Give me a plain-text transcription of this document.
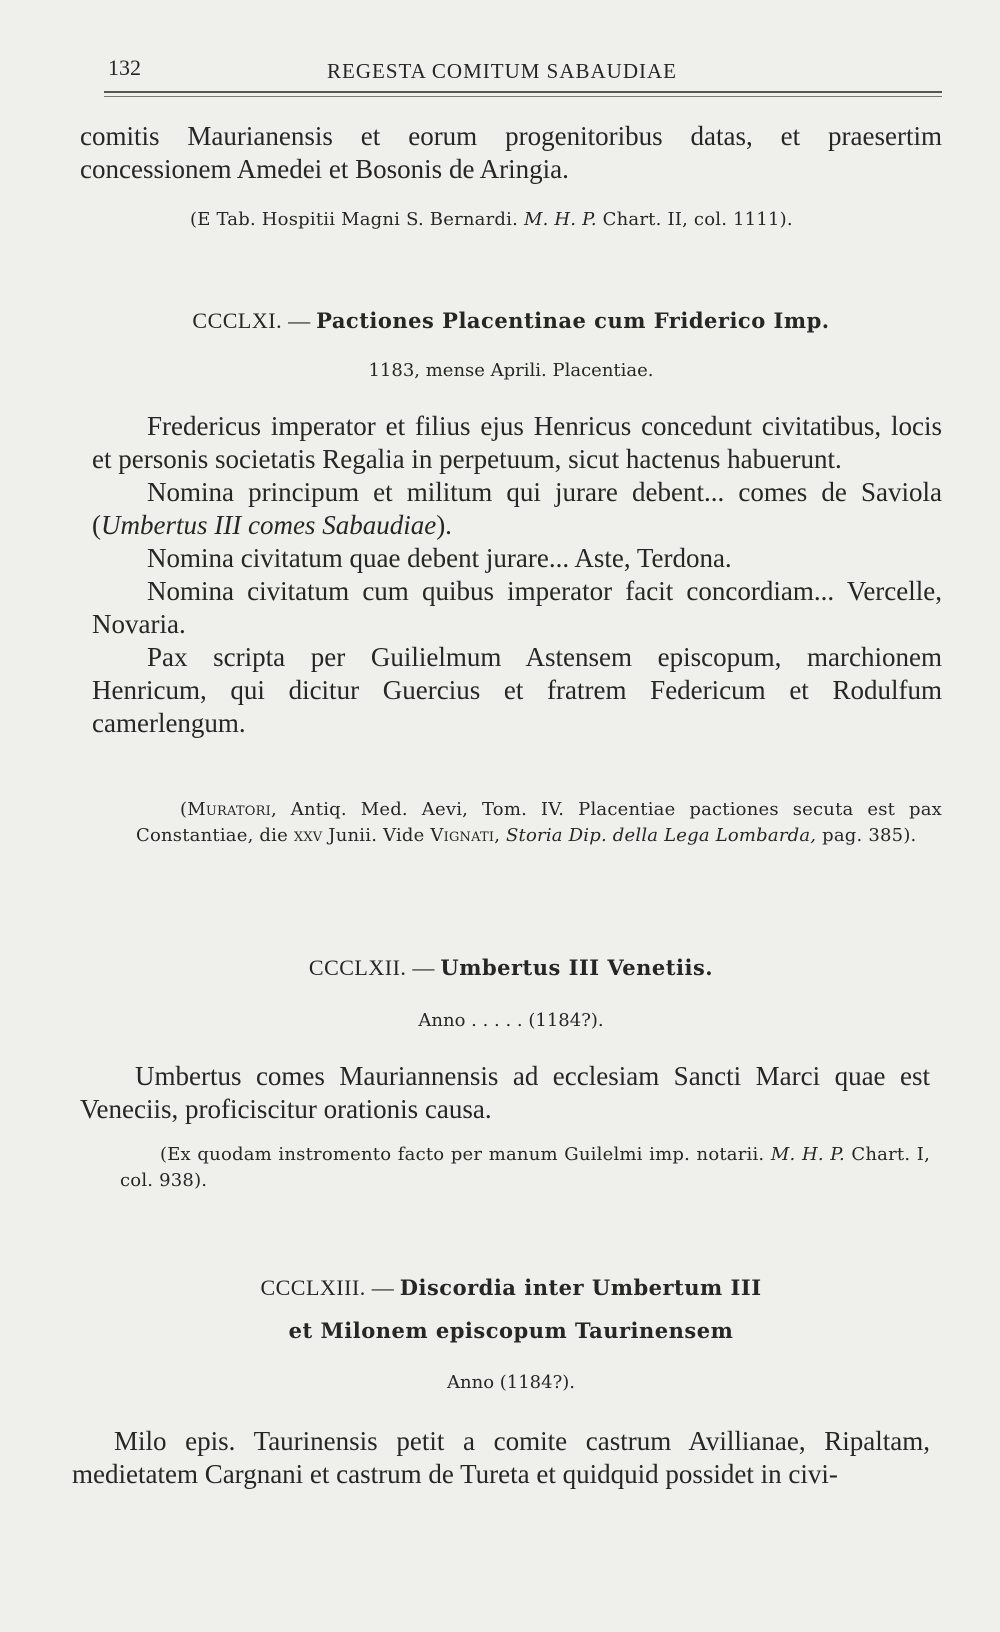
132	REGESTA COMITUM SABAUDIAE

comitis Maurianensis et eorum progenitoribus datas, et praesertim concessionem Amedei et Bosonis de Aringia.

(E Tab. Hospitii Magni S. Bernardi. M. H. P. Chart. II, col. 1111).

CCCLXI. — Pactiones Placentinae cum Friderico Imp.
1183, mense Aprili. Placentiae.

Fredericus imperator et filius ejus Henricus concedunt civitatibus, locis et personis societatis Regalia in perpetuum, sicut hactenus habuerunt.

Nomina principum et militum qui jurare debent... comes de Saviola (Umbertus III comes Sabaudiae).

Nomina civitatum quae debent jurare... Aste, Terdona.

Nomina civitatum cum quibus imperator facit concordiam... Vercelle, Novaria.

Pax scripta per Guilielmum Astensem episcopum, marchionem Henricum, qui dicitur Guercius et fratrem Federicum et Rodulfum camerlengum.

(Muratori, Antiq. Med. Aevi, Tom. IV. Placentiae pactiones secuta est pax Constantiae, die xxv Junii. Vide Vignati, Storia Dip. della Lega Lombarda, pag. 385).

CCCLXII. — Umbertus III Venetiis.
Anno . . . . . (1184?).

Umbertus comes Mauriannensis ad ecclesiam Sancti Marci quae est Veneciis, proficiscitur orationis causa.

(Ex quodam instromento facto per manum Guilelmi imp. notarii. M. H. P. Chart. I, col. 938).

CCCLXIII. — Discordia inter Umbertum III
et Milonem episcopum Taurinensem
Anno (1184?).

Milo epis. Taurinensis petit a comite castrum Avillianae, Ripaltam, medietatem Cargnani et castrum de Tureta et quidquid possidet in civi-
